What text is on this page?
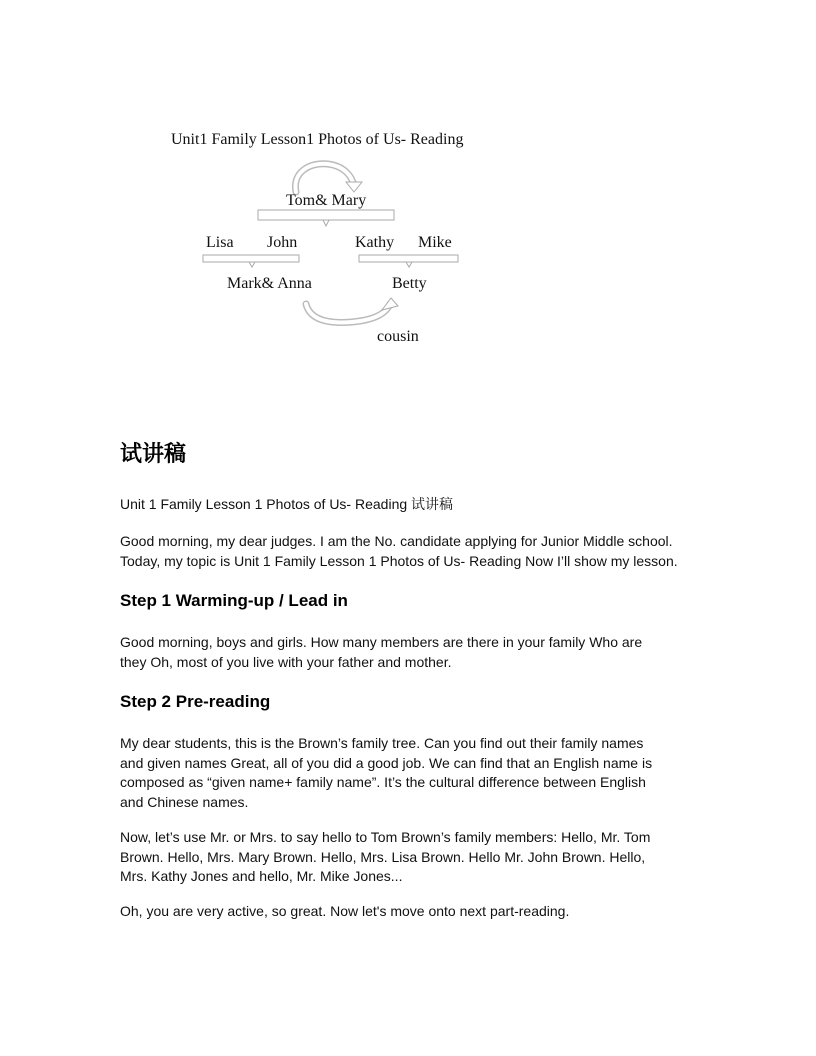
Unit1 Family Lesson1 Photos of Us- Reading
Tom& Mary
Lisa John	Kathy Mike
Mark& Anna	Betty
cousin
试讲稿
Unit 1 Family Lesson 1 Photos of Us- Reading 试讲稿
Good morning, my dear judges. I am the No. candidate applying for Junior Middle school.
Today, my topic is Unit 1 Family Lesson 1 Photos of Us- Reading Now I’ll show my lesson.
Step 1 Warming-up / Lead in
Good morning, boys and girls. How many members are there in your family Who are
they Oh, most of you live with your father and mother.
Step 2 Pre-reading
My dear students, this is the Brown’s family tree. Can you find out their family names
and given names Great, all of you did a good job. We can find that an English name is
composed as “given name+ family name”. It’s the cultural difference between English
and Chinese names.
Now, let’s use Mr. or Mrs. to say hello to Tom Brown’s family members: Hello, Mr. Tom
Brown. Hello, Mrs. Mary Brown. Hello, Mrs. Lisa Brown. Hello Mr. John Brown. Hello,
Mrs. Kathy Jones and hello, Mr. Mike Jones...
Oh, you are very active, so great. Now let's move onto next part-reading.
